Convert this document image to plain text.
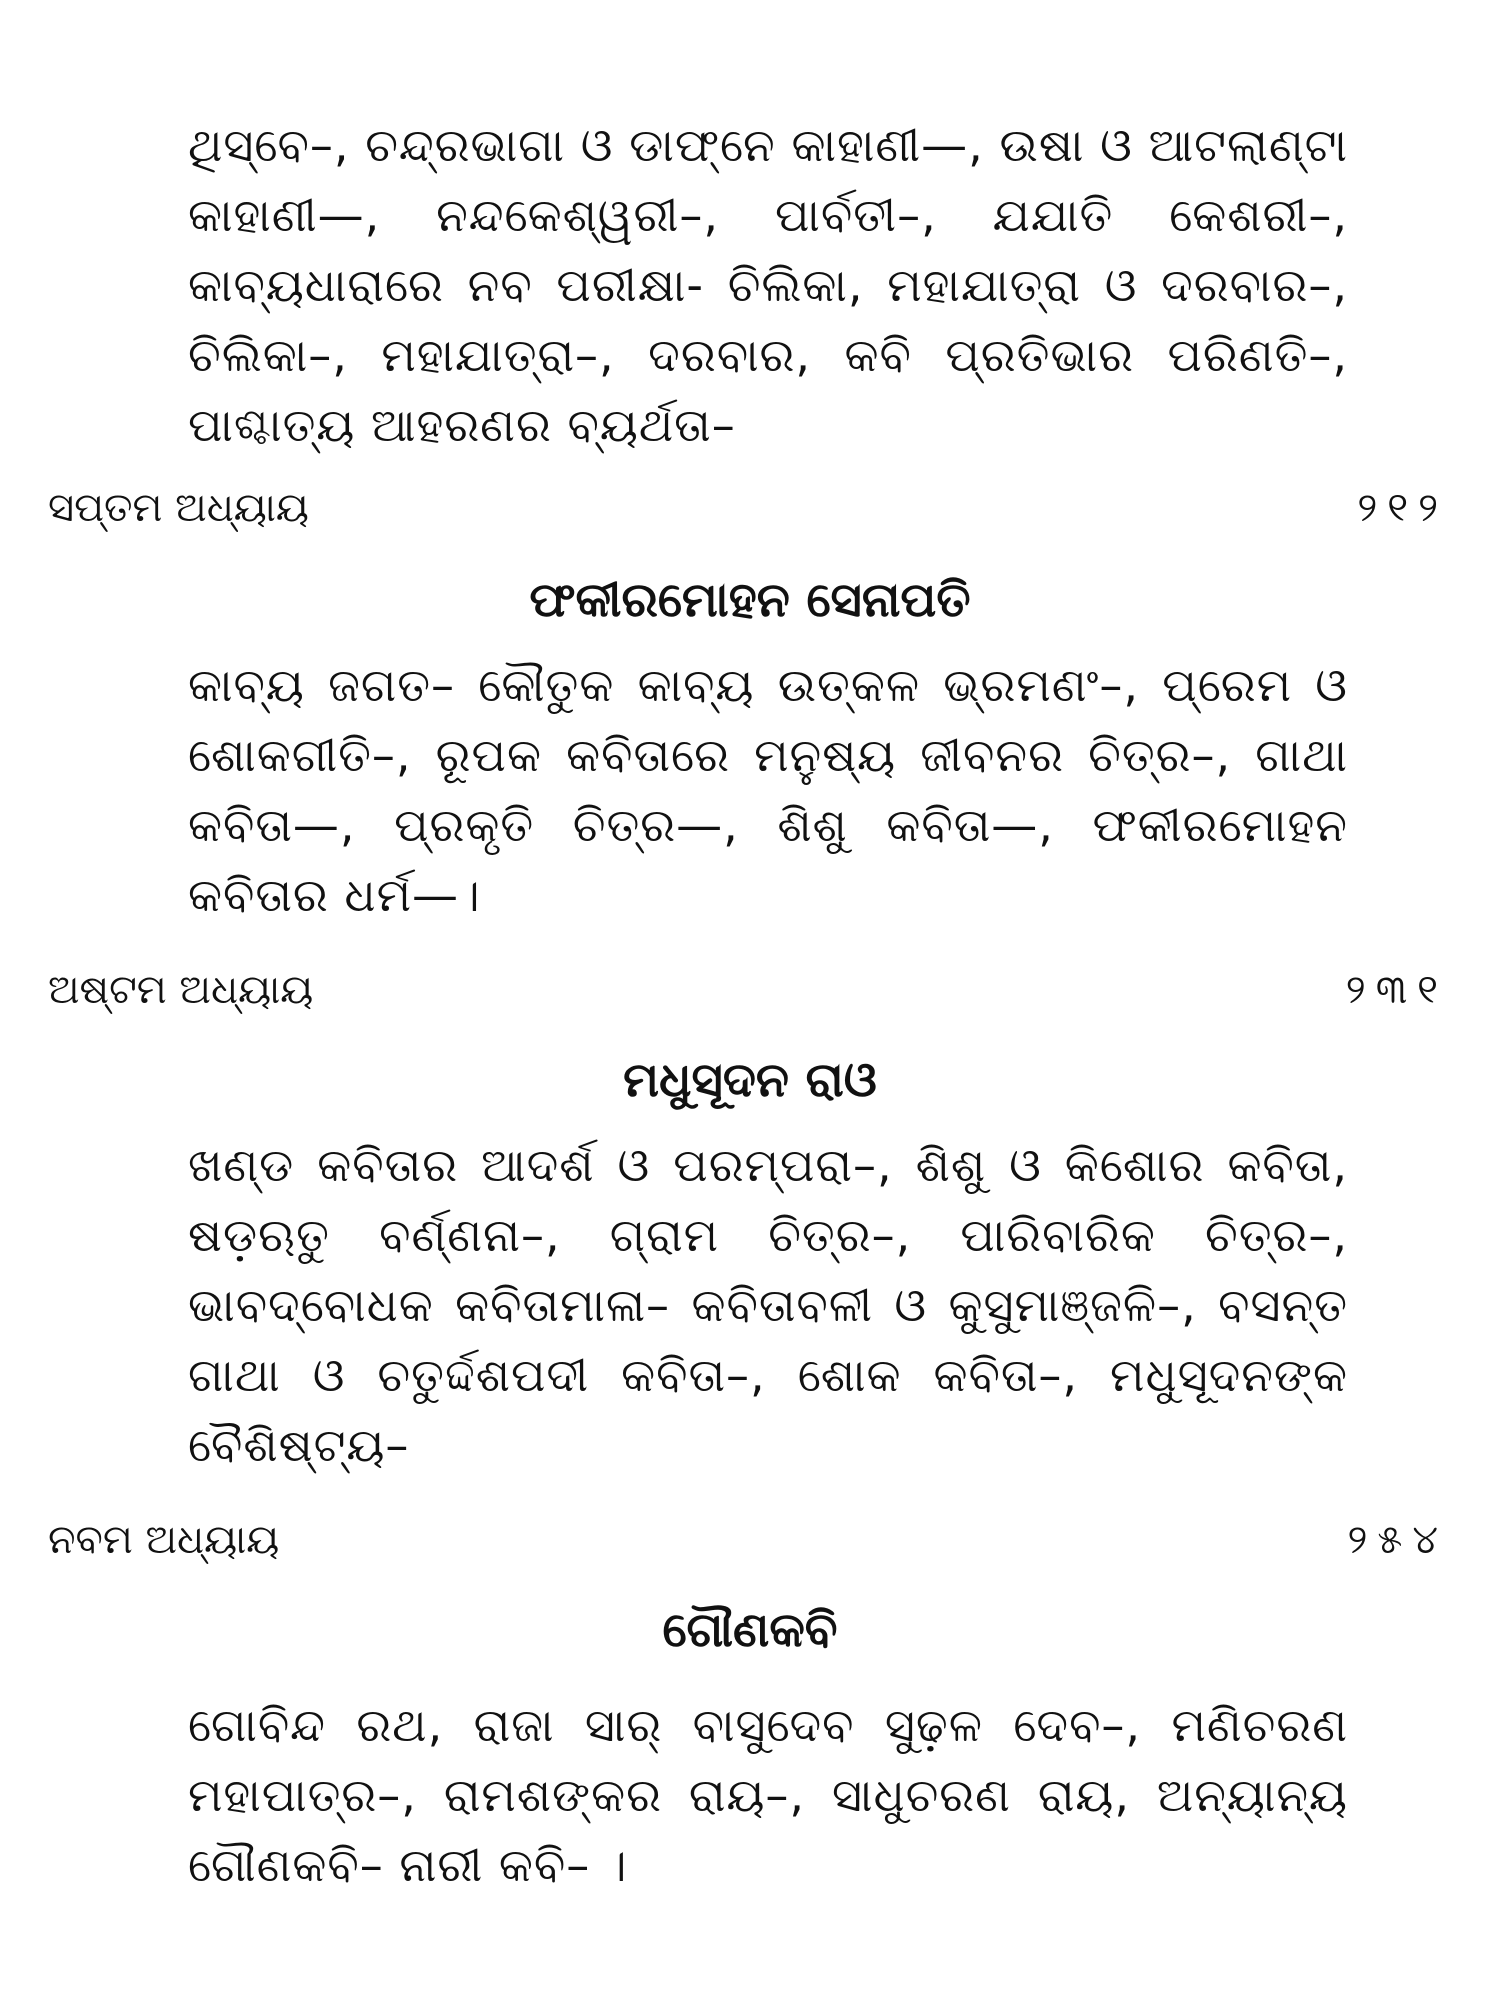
ଥିସ୍‌ବେ–, ଚନ୍ଦ୍ରଭାଗା ଓ ଡାଫ୍‌ନେ କାହାଣୀ—, ଉଷା ଓ ଆଟଲାଣ୍ଟା କାହାଣୀ—, ନନ୍ଦକେଶ୍ୱରୀ–, ପାର୍ବତୀ–, ଯଯାତି କେଶରୀ–, କାବ୍ୟଧାରାରେ ନବ ପରୀକ୍ଷା- ଚିଲିକା, ମହାଯାତ୍ରା ଓ ଦରବାର–, ଚିଲିକା–, ମହାଯାତ୍ରା–, ଦରବାର, କବି ପ୍ରତିଭାର ପରିଣତି–, ପାଶ୍ଚାତ୍ୟ ଆହରଣର ବ୍ୟର୍ଥତା–
ସପ୍ତମ ଅଧ୍ୟାୟ	୨୧୨
ଫକୀରମୋହନ ସେନାପତି
କାବ୍ୟ ଜଗତ– କୌତୁକ କାବ୍ୟ ଉତ୍କଳ ଭ୍ରମଣଂ–, ପ୍ରେମ ଓ ଶୋକଗୀତି–, ରୂପକ କବିତାରେ ମନୁଷ୍ୟ ଜୀବନର ଚିତ୍ର–, ଗାଥା କବିତା—, ପ୍ରକୃତି ଚିତ୍ର—, ଶିଶୁ କବିତା—, ଫକୀରମୋହନ କବିତାର ଧର୍ମ—।
ଅଷ୍ଟମ ଅଧ୍ୟାୟ	୨୩୧
ମଧୁସୂଦନ ରାଓ
ଖଣ୍ଡ କବିତାର ଆଦର୍ଶ ଓ ପରମ୍ପରା–, ଶିଶୁ ଓ କିଶୋର କବିତା, ଷଡ଼ଋତୁ ବର୍ଣ୍ଣନା–, ଗ୍ରାମ ଚିତ୍ର–, ପାରିବାରିକ ଚିତ୍ର–, ଭାବଦ୍‌ବୋଧକ କବିତାମାଳା– କବିତାବଳୀ ଓ କୁସୁମାଞ୍ଜଳି–, ବସନ୍ତ ଗାଥା ଓ ଚତୁର୍ଦ୍ଦଶପଦୀ କବିତା–, ଶୋକ କବିତା–, ମଧୁସୂଦନଙ୍କ ବୈଶିଷ୍ଟ୍ୟ–
ନବମ ଅଧ୍ୟାୟ	୨୫୪
ଗୌଣକବି
ଗୋବିନ୍ଦ ରଥ, ରାଜା ସାର୍‌ ବାସୁଦେବ ସୁଢ଼ଳ ଦେବ–, ମଣିଚରଣ ମହାପାତ୍ର–, ରାମଶଙ୍କର ରାୟ–, ସାଧୁଚରଣ ରାୟ, ଅନ୍ୟାନ୍ୟ ଗୌଣକବି– ନାରୀ କବି– ।
